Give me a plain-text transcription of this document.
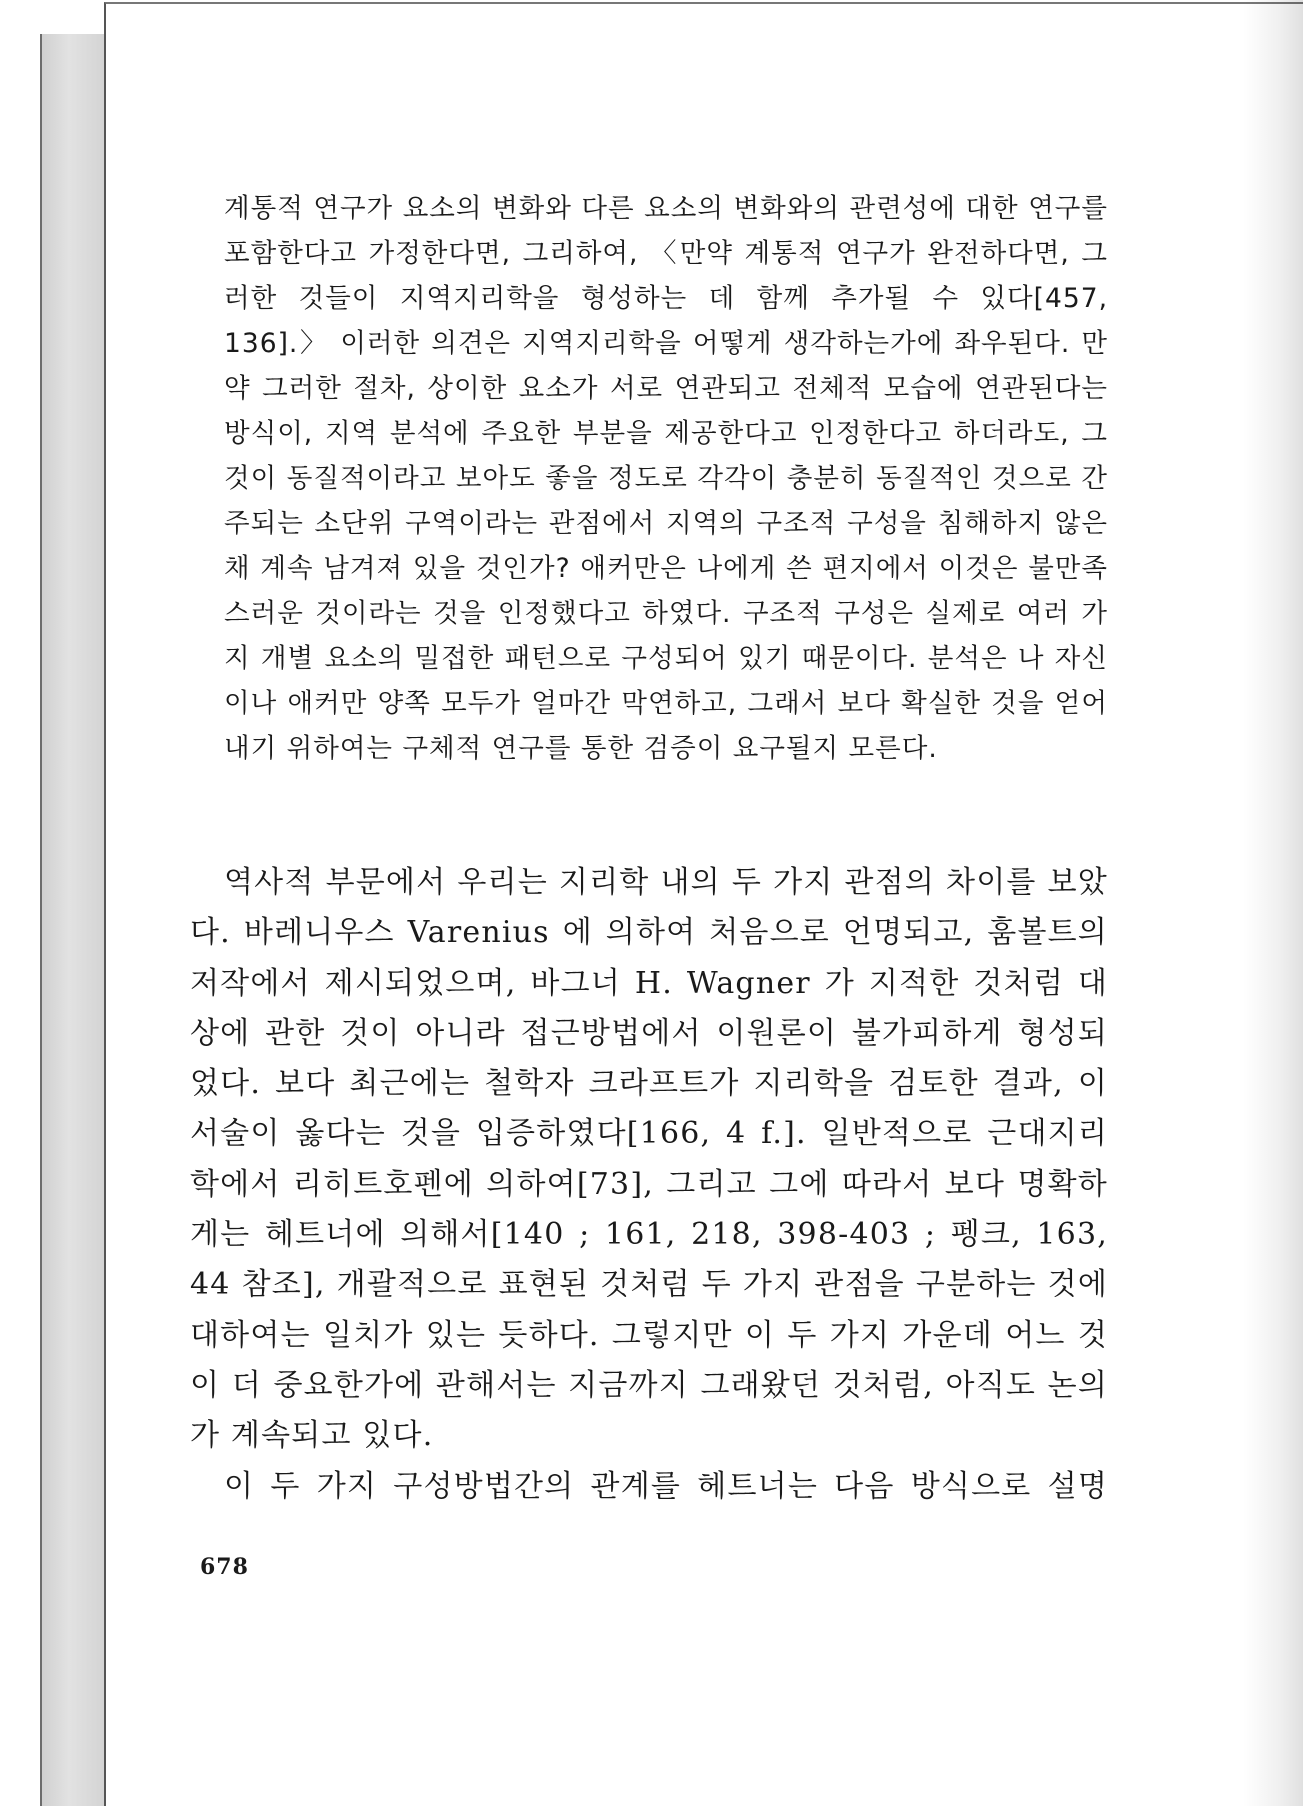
계통적 연구가 요소의 변화와 다른 요소의 변화와의 관련성에 대한 연구를 포함한다고 가정한다면, 그리하여, 〈만약 계통적 연구가 완전하다면, 그러한 것들이 지역지리학을 형성하는 데 함께 추가될 수 있다[457, 136].〉 이러한 의견은 지역지리학을 어떻게 생각하는가에 좌우된다. 만약 그러한 절차, 상이한 요소가 서로 연관되고 전체적 모습에 연관된다는 방식이, 지역 분석에 주요한 부분을 제공한다고 인정한다고 하더라도, 그것이 동질적이라고 보아도 좋을 정도로 각각이 충분히 동질적인 것으로 간주되는 소단위 구역이라는 관점에서 지역의 구조적 구성을 침해하지 않은 채 계속 남겨져 있을 것인가? 애커만은 나에게 쓴 편지에서 이것은 불만족스러운 것이라는 것을 인정했다고 하였다. 구조적 구성은 실제로 여러 가지 개별 요소의 밀접한 패턴으로 구성되어 있기 때문이다. 분석은 나 자신이나 애커만 양쪽 모두가 얼마간 막연하고, 그래서 보다 확실한 것을 얻어내기 위하여는 구체적 연구를 통한 검증이 요구될지 모른다.

역사적 부문에서 우리는 지리학 내의 두 가지 관점의 차이를 보았다. 바레니우스 Varenius 에 의하여 처음으로 언명되고, 훔볼트의 저작에서 제시되었으며, 바그너 H. Wagner 가 지적한 것처럼 대상에 관한 것이 아니라 접근방법에서 이원론이 불가피하게 형성되었다. 보다 최근에는 철학자 크라프트가 지리학을 검토한 결과, 이 서술이 옳다는 것을 입증하였다[166, 4 f.]. 일반적으로 근대지리학에서 리히트호펜에 의하여[73], 그리고 그에 따라서 보다 명확하게는 헤트너에 의해서[140 ; 161, 218, 398-403 ; 펭크, 163, 44 참조], 개괄적으로 표현된 것처럼 두 가지 관점을 구분하는 것에 대하여는 일치가 있는 듯하다. 그렇지만 이 두 가지 가운데 어느 것이 더 중요한가에 관해서는 지금까지 그래왔던 것처럼, 아직도 논의가 계속되고 있다.

이 두 가지 구성방법간의 관계를 헤트너는 다음 방식으로 설명

678
